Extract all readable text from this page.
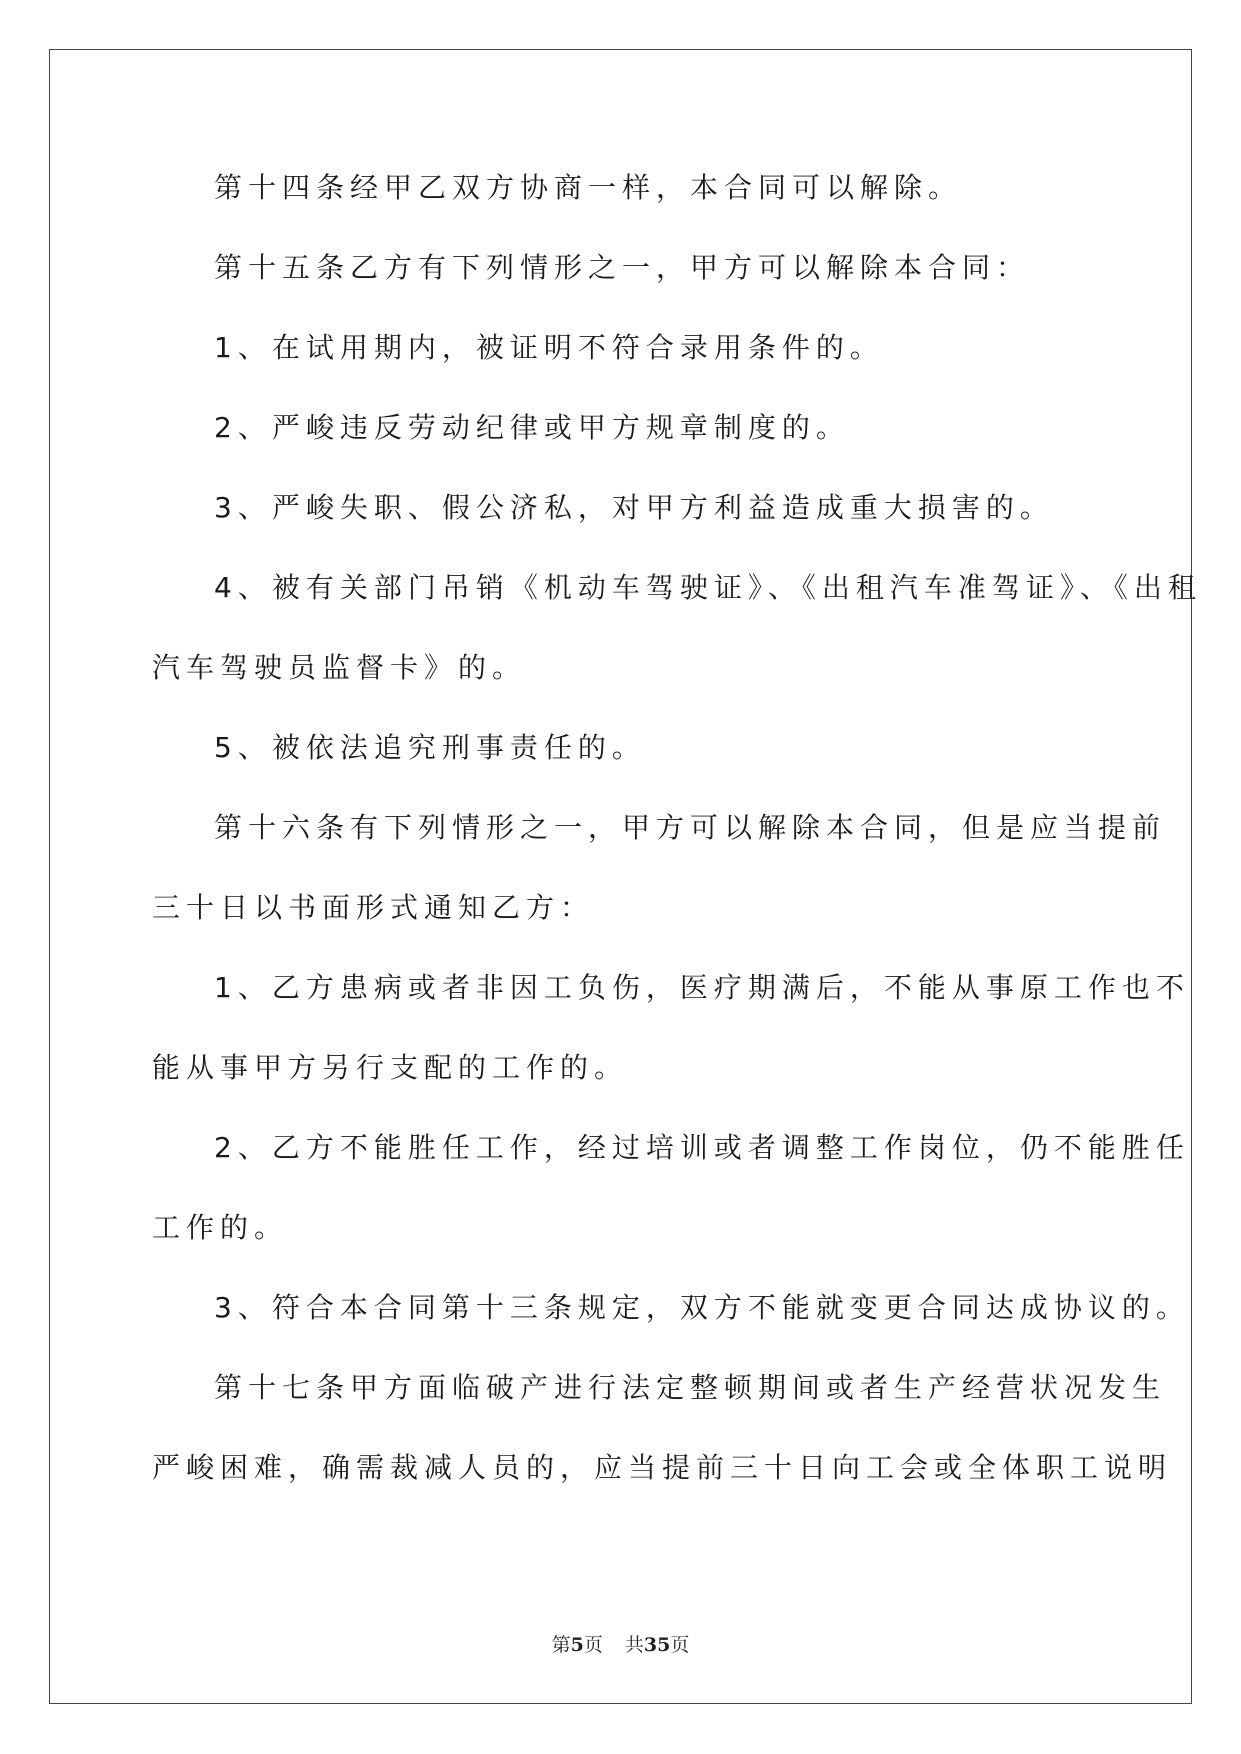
第十四条经甲乙双方协商一样，本合同可以解除。
第十五条乙方有下列情形之一，甲方可以解除本合同：
1、在试用期内，被证明不符合录用条件的。
2、严峻违反劳动纪律或甲方规章制度的。
3、严峻失职、假公济私，对甲方利益造成重大损害的。
4、被有关部门吊销《机动车驾驶证》、《出租汽车准驾证》、《出租
汽车驾驶员监督卡》的。
5、被依法追究刑事责任的。
第十六条有下列情形之一，甲方可以解除本合同，但是应当提前
三十日以书面形式通知乙方：
1、乙方患病或者非因工负伤，医疗期满后，不能从事原工作也不
能从事甲方另行支配的工作的。
2、乙方不能胜任工作，经过培训或者调整工作岗位，仍不能胜任
工作的。
3、符合本合同第十三条规定，双方不能就变更合同达成协议的。
第十七条甲方面临破产进行法定整顿期间或者生产经营状况发生
严峻困难，确需裁减人员的，应当提前三十日向工会或全体职工说明
第5页 共35页
